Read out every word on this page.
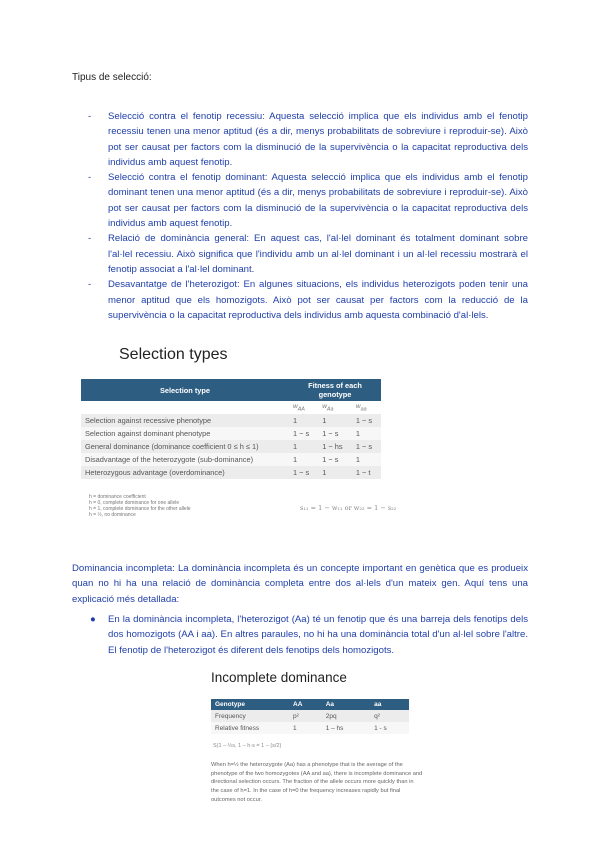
Tipus de selecció:
- Selecció contra el fenotip recessiu: Aquesta selecció implica que els individus amb el fenotip recessiu tenen una menor aptitud (és a dir, menys probabilitats de sobreviure i reproduir-se). Això pot ser causat per factors com la disminució de la supervivència o la capacitat reproductiva dels individus amb aquest fenotip.
- Selecció contra el fenotip dominant: Aquesta selecció implica que els individus amb el fenotip dominant tenen una menor aptitud (és a dir, menys probabilitats de sobreviure i reproduir-se). Això pot ser causat per factors com la disminució de la supervivència o la capacitat reproductiva dels individus amb aquest fenotip.
- Relació de dominància general: En aquest cas, l'al·lel dominant és totalment dominant sobre l'al·lel recessiu. Això significa que l'individu amb un al·lel dominant i un al·lel recessiu mostrarà el fenotip associat a l'al·lel dominant.
- Desavantatge de l'heterozigot: En algunes situacions, els individus heterozigots poden tenir una menor aptitud que els homozigots. Això pot ser causat per factors com la reducció de la supervivència o la capacitat reproductiva dels individus amb aquesta combinació d'al·lels.
Selection types
Selection type	Fitness of each genotype		
	$w_{AA}$	$w_{Aa}$	$w_{aa}$
Selection against recessive phenotype	1	1	1 − s
Selection against dominant phenotype	1 − s	1 − s	1
General dominance (dominance coefficient 0 ≤ h ≤ 1)	1	1 − hs	1 − s
Disadvantage of the heterozygote (sub-dominance)	1	1 − s	1
Heterozygous advantage (overdominance)	1 − s	1	1 − t
h = dominance coefficient
h = 0, complete dominance for one allele
h = 1, complete dominance for the other allele
h = ½, no dominance
s₁₁ = 1 − w₁₁ or w₂₂ = 1 − s₂₂

Dominancia incompleta: La dominància incompleta és un concepte important en genètica que es produeix quan no hi ha una relació de dominància completa entre dos al·lels d'un mateix gen. Aquí tens una explicació més detallada:

● En la dominància incompleta, l'heterozigot (Aa) té un fenotip que és una barreja dels fenotips dels dos homozigots (AA i aa). En altres paraules, no hi ha una dominància total d'un al·lel sobre l'altre. El fenotip de l'heterozigot és diferent dels fenotips dels homozigots.
Incomplete dominance
Genotype	AA	Aa	aa
Frequency	p²	2pq	q²
Relative fitness	1	1 – hs	1 - s
S(1 – ½s, 1 – h·s = 1 – (s/2)
When h=½ the heterozygote (Aa) has a phenotype that is the average of the phenotype of the two homozygotes (AA and aa), there is incomplete dominance and directional selection occurs. The fraction of the allele occurs more quickly than in the case of h=1. In the case of h=0 the frequency increases rapidly but final outcomes not occur.
